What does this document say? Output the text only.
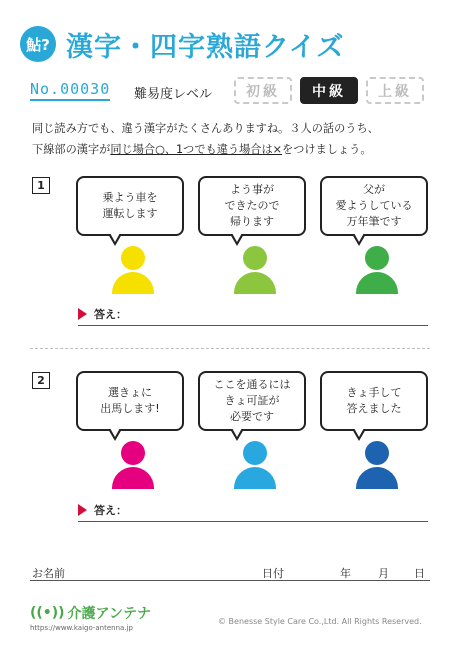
鮎? 漢字・四字熟語クイズ
No.00030 難易度レベル	初級	中級	上級
同じ読み方でも、違う漢字がたくさんありますね。３人の話のうち、
下線部の漢字が同じ場合○、1つでも違う場合は×をつけましょう。
1
乗よう車を
運転します
よう事が
できたので
帰ります
父が
愛ようしている
万年筆です
答え：
2
選きょに
出馬します!
ここを通るには
きょ可証が
必要です
きょ手して
答えました
答え：
お名前	日付	年 月 日
((•)) 介護アンテナ
https://www.kaigo-antenna.jp
© Benesse Style Care Co.,Ltd. All Rights Reserved.
